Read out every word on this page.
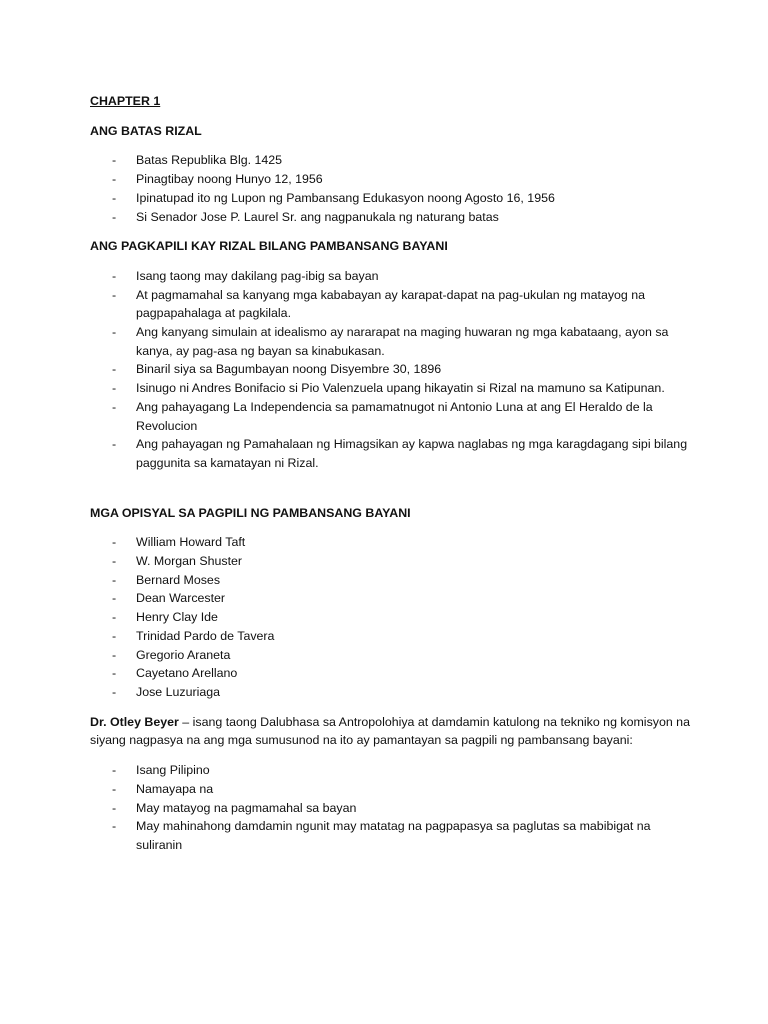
CHAPTER 1
ANG BATAS RIZAL
- Batas Republika Blg. 1425
- Pinagtibay noong Hunyo 12, 1956
- Ipinatupad ito ng Lupon ng Pambansang Edukasyon noong Agosto 16, 1956
- Si Senador Jose P. Laurel Sr. ang nagpanukala ng naturang batas
ANG PAGKAPILI KAY RIZAL BILANG PAMBANSANG BAYANI
- Isang taong may dakilang pag-ibig sa bayan
- At pagmamahal sa kanyang mga kababayan ay karapat-dapat na pag-ukulan ng matayog na pagpapahalaga at pagkilala.
- Ang kanyang simulain at idealismo ay nararapat na maging huwaran ng mga kabataang, ayon sa kanya, ay pag-asa ng bayan sa kinabukasan.
- Binaril siya sa Bagumbayan noong Disyembre 30, 1896
- Isinugo ni Andres Bonifacio si Pio Valenzuela upang hikayatin si Rizal na mamuno sa Katipunan.
- Ang pahayagang La Independencia sa pamamatnugot ni Antonio Luna at ang El Heraldo de la Revolucion
- Ang pahayagan ng Pamahalaan ng Himagsikan ay kapwa naglabas ng mga karagdagang sipi bilang paggunita sa kamatayan ni Rizal.
MGA OPISYAL SA PAGPILI NG PAMBANSANG BAYANI
- William Howard Taft
- W. Morgan Shuster
- Bernard Moses
- Dean Warcester
- Henry Clay Ide
- Trinidad Pardo de Tavera
- Gregorio Araneta
- Cayetano Arellano
- Jose Luzuriaga

Dr. Otley Beyer – isang taong Dalubhasa sa Antropolohiya at damdamin katulong na tekniko ng komisyon na siyang nagpasya na ang mga sumusunod na ito ay pamantayan sa pagpili ng pambansang bayani:

- Isang Pilipino
- Namayapa na
- May matayog na pagmamahal sa bayan
- May mahinahong damdamin ngunit may matatag na pagpapasya sa paglutas sa mabibigat na suliranin
